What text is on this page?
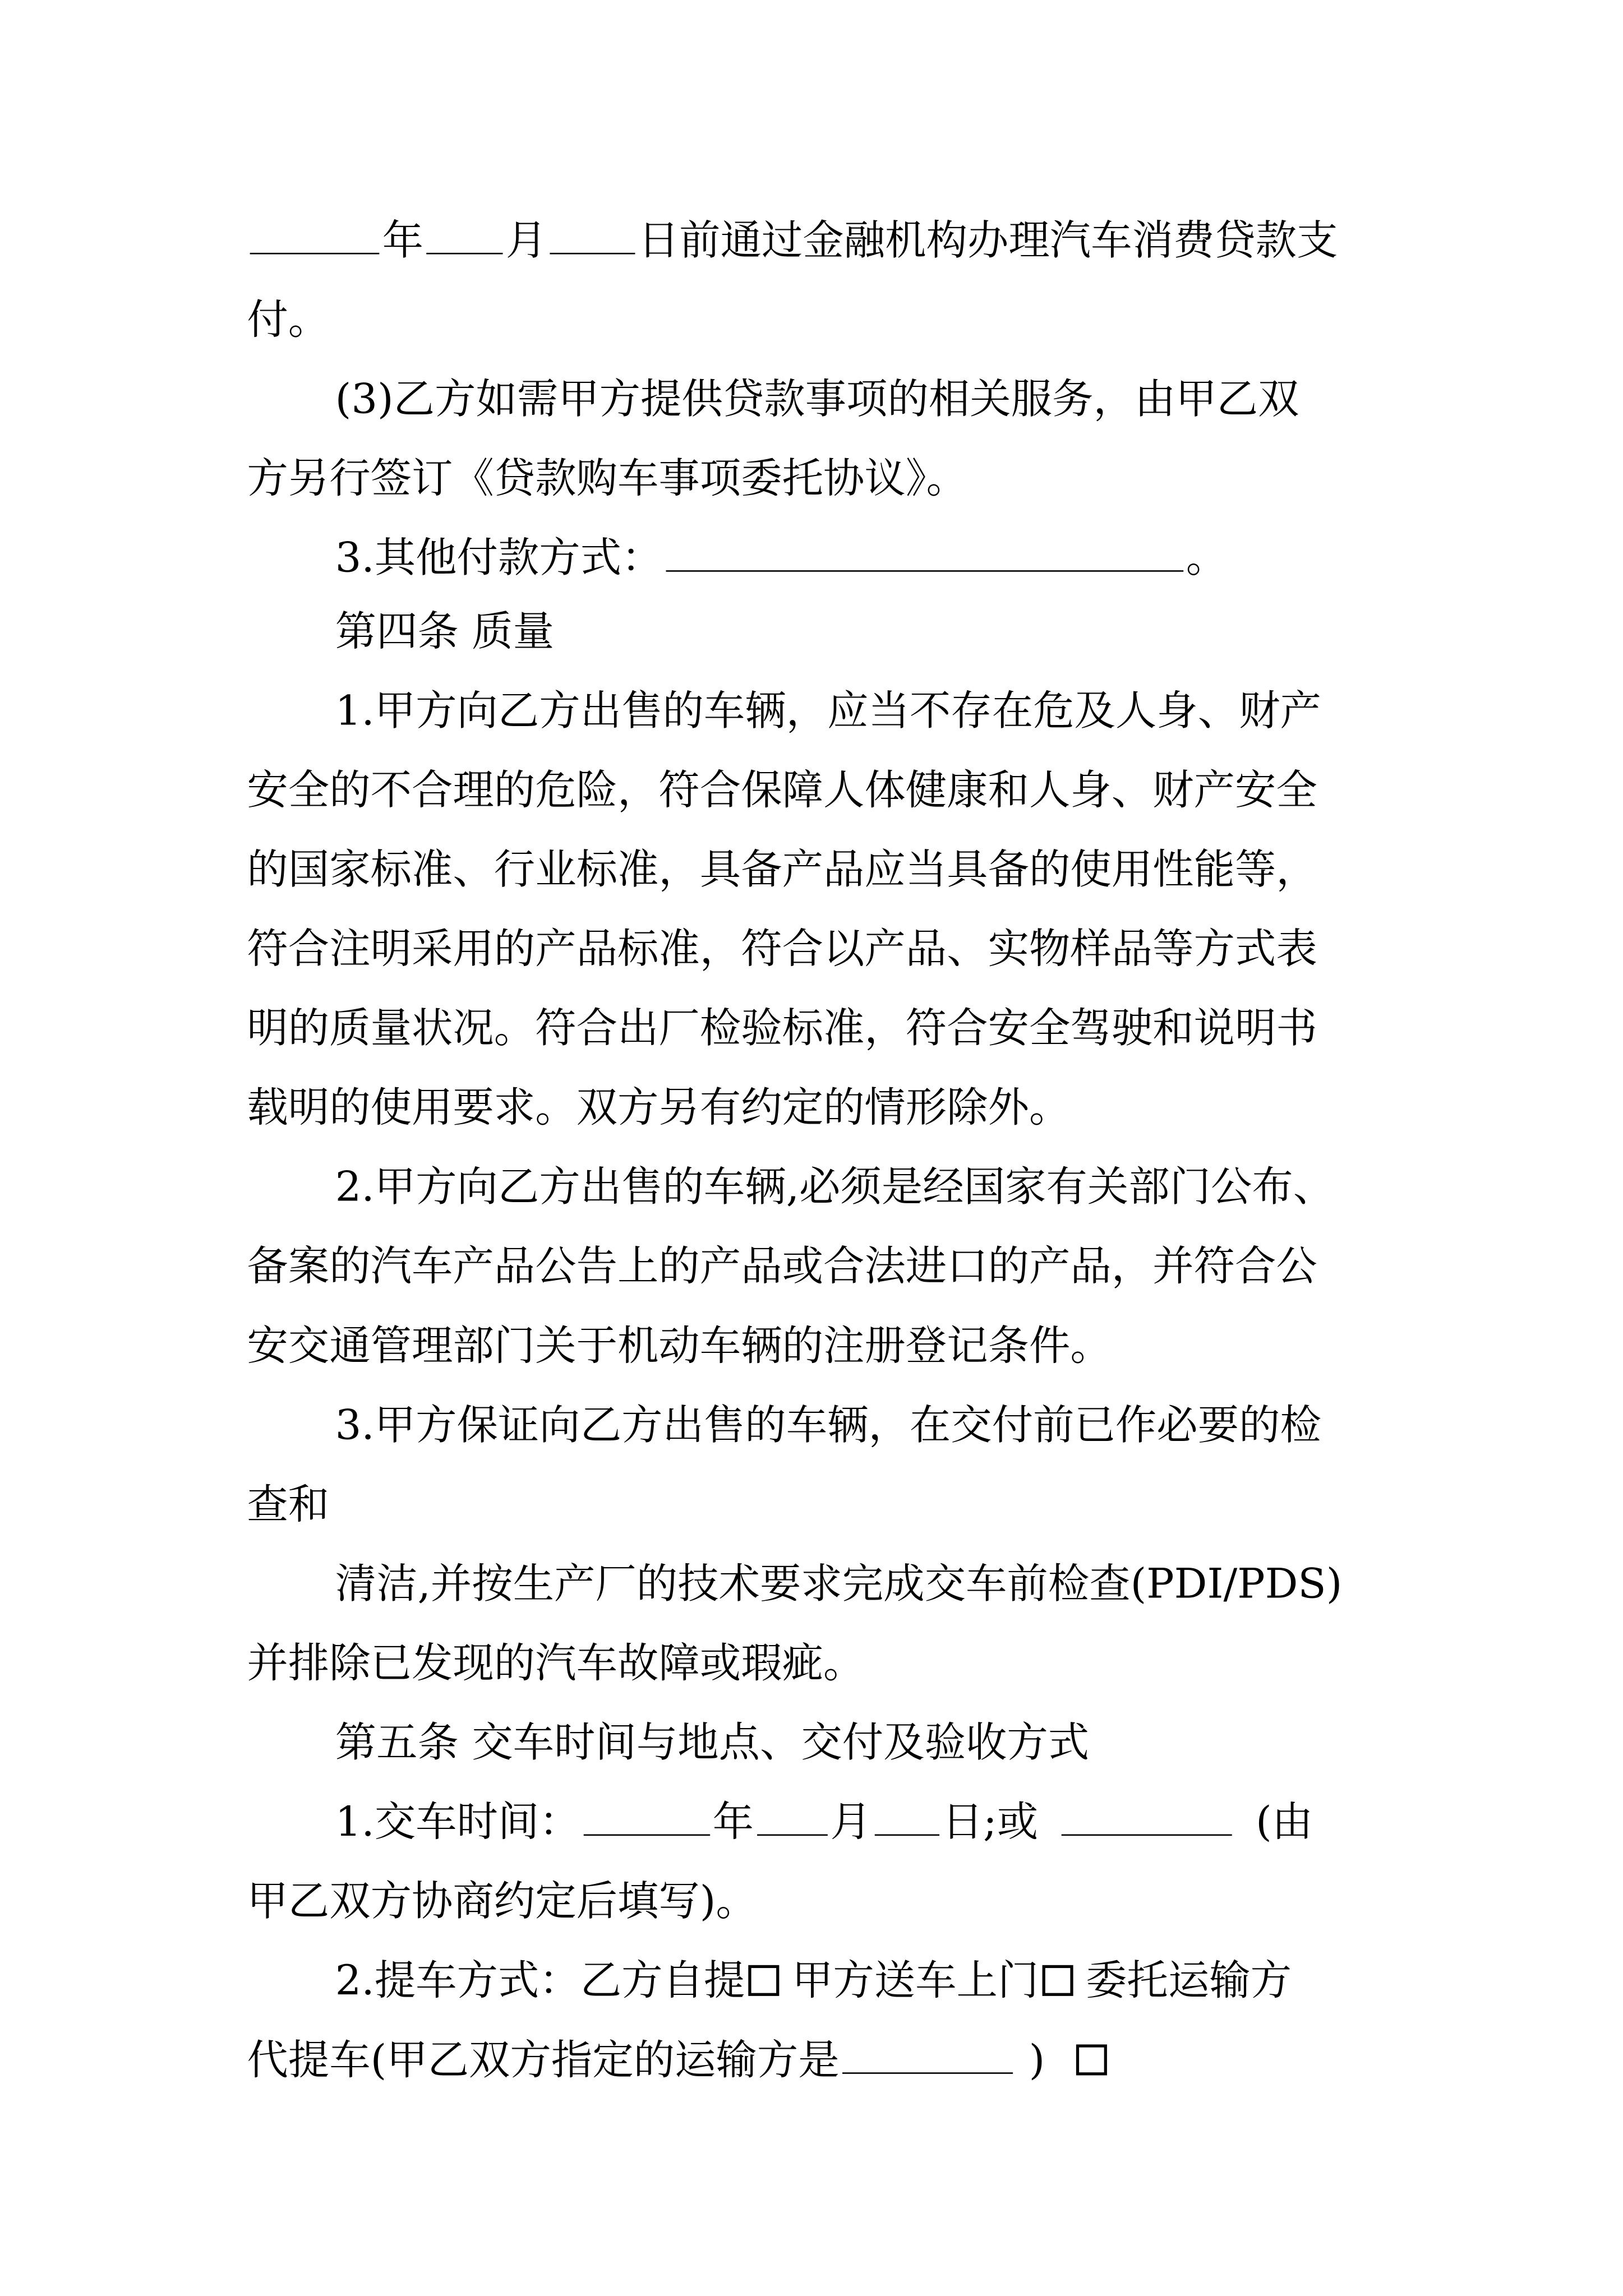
年	月	日前通过金融机构办理汽车消费贷款支
付。
(3)乙方如需甲方提供贷款事项的相关服务，由甲乙双
方另行签订《贷款购车事项委托协议》。
3.其他付款方式：	。
第四条 质量
1.甲方向乙方出售的车辆，应当不存在危及人身、财产
安全的不合理的危险，符合保障人体健康和人身、财产安全
的国家标准、行业标准，具备产品应当具备的使用性能等，
符合注明采用的产品标准，符合以产品、实物样品等方式表
明的质量状况。符合出厂检验标准，符合安全驾驶和说明书
载明的使用要求。双方另有约定的情形除外。
2.甲方向乙方出售的车辆,必须是经国家有关部门公布、
备案的汽车产品公告上的产品或合法进口的产品，并符合公
安交通管理部门关于机动车辆的注册登记条件。
3.甲方保证向乙方出售的车辆，在交付前已作必要的检
查和
清洁,并按生产厂的技术要求完成交车前检查(PDI/PDS)
并排除已发现的汽车故障或瑕疵。
第五条 交车时间与地点、交付及验收方式
1.交车时间：	年	月	日;或	(由
甲乙双方协商约定后填写)。
2.提车方式：乙方自提	甲方送车上门	委托运输方
代提车(甲乙双方指定的运输方是	)
